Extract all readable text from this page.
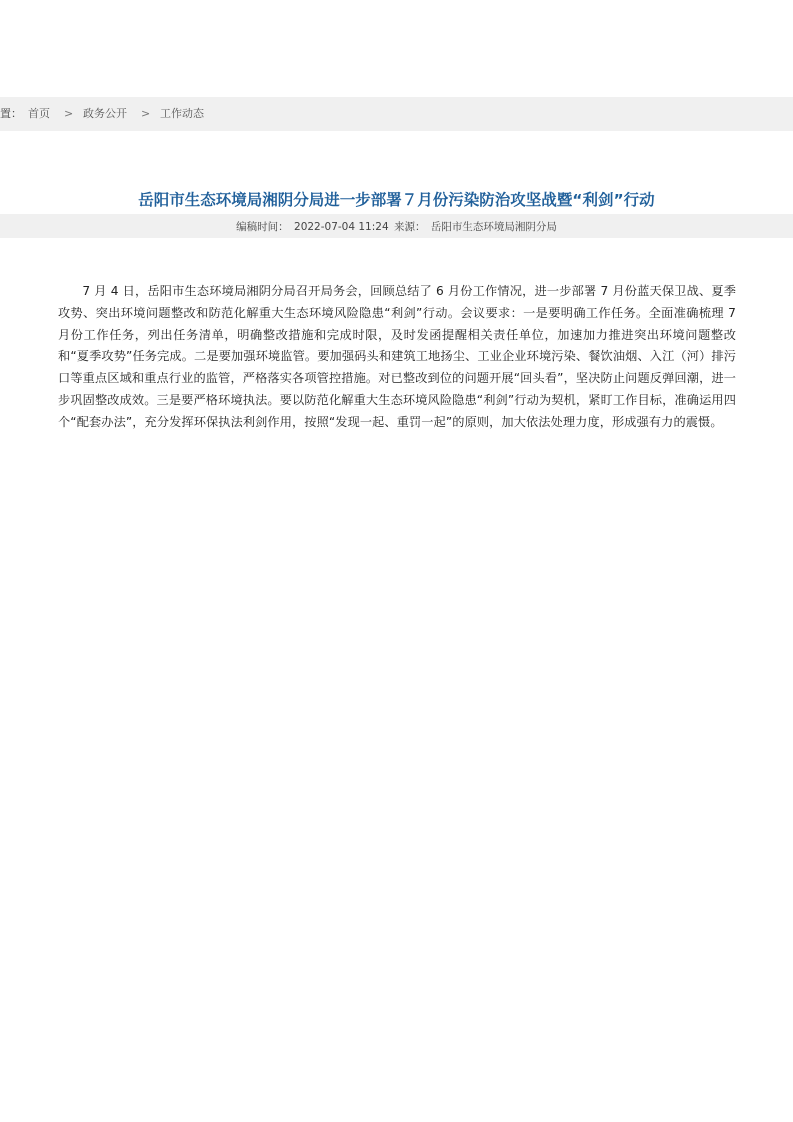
置： 首页 > 政务公开 > 工作动态
岳阳市生态环境局湘阴分局进一步部署７月份污染防治攻坚战暨“利剑”行动
编稿时间： 2022-07-04 11:24 来源： 岳阳市生态环境局湘阴分局
7 月 4 日，岳阳市生态环境局湘阴分局召开局务会，回顾总结了 6 月份工作情况，进一步部署 7 月份蓝天保卫战、夏季攻势、突出环境问题整改和防范化解重大生态环境风险隐患“利剑”行动。会议要求：一是要明确工作任务。全面准确梳理 7 月份工作任务，列出任务清单，明确整改措施和完成时限，及时发函提醒相关责任单位，加速加力推进突出环境问题整改和“夏季攻势”任务完成。二是要加强环境监管。要加强码头和建筑工地扬尘、工业企业环境污染、餐饮油烟、入江（河）排污口等重点区域和重点行业的监管，严格落实各项管控措施。对已整改到位的问题开展“回头看”，坚决防止问题反弹回潮，进一步巩固整改成效。三是要严格环境执法。要以防范化解重大生态环境风险隐患“利剑”行动为契机，紧盯工作目标，准确运用四个“配套办法”，充分发挥环保执法利剑作用，按照“发现一起、重罚一起”的原则，加大依法处理力度，形成强有力的震慑。
